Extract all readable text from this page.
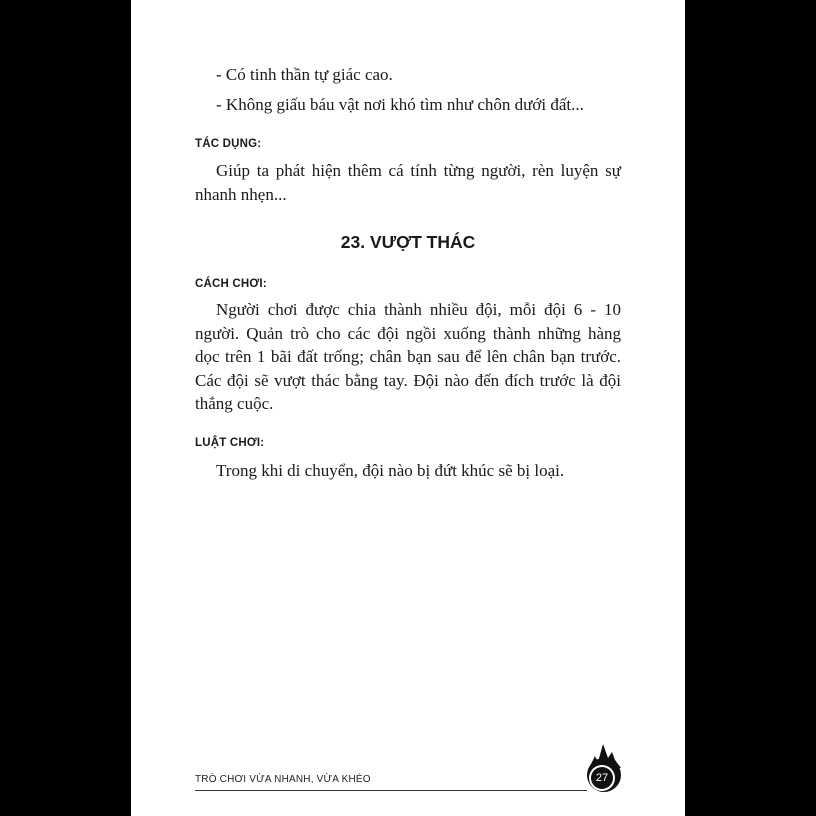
- Có tinh thần tự giác cao.
- Không giấu báu vật nơi khó tìm như chôn dưới đất...
TÁC DỤNG:
Giúp ta phát hiện thêm cá tính từng người, rèn luyện sự nhanh nhẹn...
23. VƯỢT THÁC
CÁCH CHƠI:
Người chơi được chia thành nhiều đội, mỗi đội 6 - 10 người. Quản trò cho các đội ngồi xuống thành những hàng dọc trên 1 bãi đất trống; chân bạn sau để lên chân bạn trước. Các đội sẽ vượt thác bằng tay. Đội nào đến đích trước là đội thắng cuộc.
LUẬT CHƠI:
Trong khi di chuyển, đội nào bị đứt khúc sẽ bị loại.
TRÒ CHƠI VỪA NHANH, VỪA KHÉO	27
